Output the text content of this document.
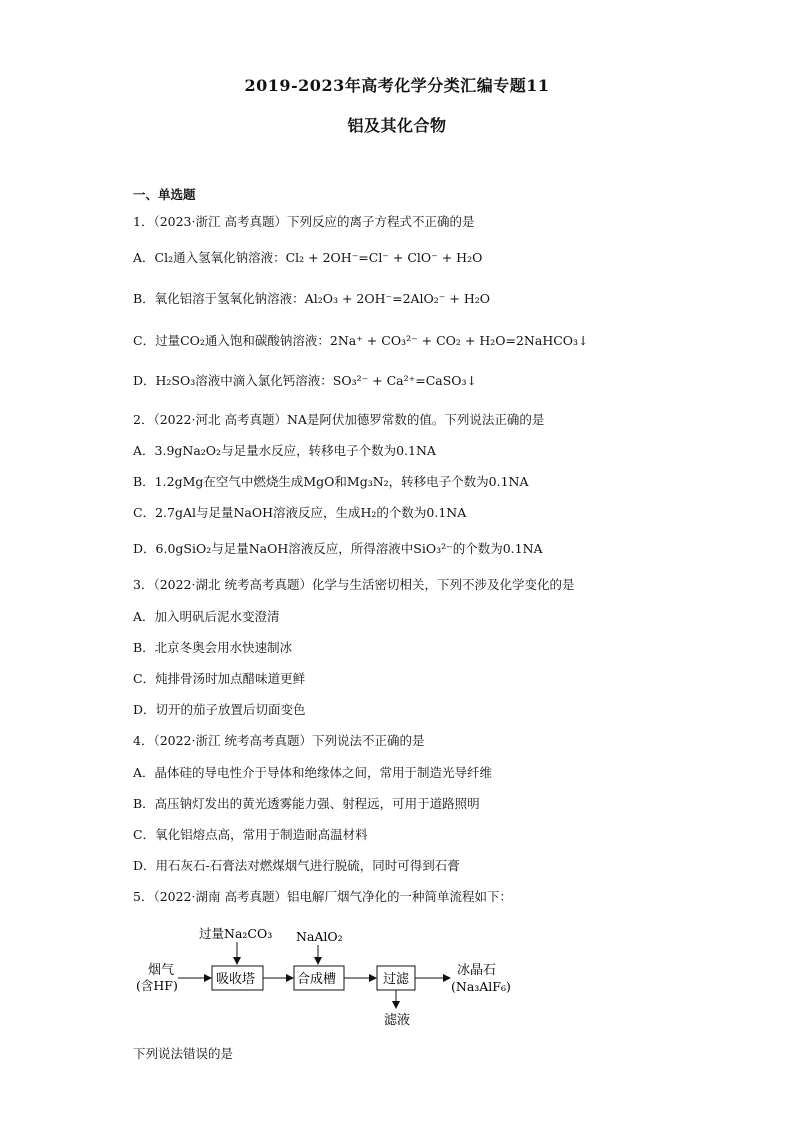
2019-2023年高考化学分类汇编专题11
铝及其化合物
一、单选题
1．（2023·浙江 高考真题）下列反应的离子方程式不正确的是
A．Cl₂通入氢氧化钠溶液：Cl₂ + 2OH⁻=Cl⁻ + ClO⁻ + H₂O
B．氧化铝溶于氢氧化钠溶液：Al₂O₃ + 2OH⁻=2AlO₂⁻ + H₂O
C．过量CO₂通入饱和碳酸钠溶液：2Na⁺ + CO₃²⁻ + CO₂ + H₂O=2NaHCO₃↓
D．H₂SO₃溶液中滴入氯化钙溶液：SO₃²⁻ + Ca²⁺=CaSO₃↓
2．（2022·河北 高考真题）NA是阿伏加德罗常数的值。下列说法正确的是
A．3.9gNa₂O₂与足量水反应，转移电子个数为0.1NA
B．1.2gMg在空气中燃烧生成MgO和Mg₃N₂，转移电子个数为0.1NA
C．2.7gAl与足量NaOH溶液反应，生成H₂的个数为0.1NA
D．6.0gSiO₂与足量NaOH溶液反应，所得溶液中SiO₃²⁻的个数为0.1NA
3．（2022·湖北 统考高考真题）化学与生活密切相关，下列不涉及化学变化的是
A．加入明矾后泥水变澄清
B．北京冬奥会用水快速制冰
C．炖排骨汤时加点醋味道更鲜
D．切开的茄子放置后切面变色
4．（2022·浙江 统考高考真题）下列说法不正确的是
A．晶体硅的导电性介于导体和绝缘体之间，常用于制造光导纤维
B．高压钠灯发出的黄光透雾能力强、射程远，可用于道路照明
C．氧化铝熔点高，常用于制造耐高温材料
D．用石灰石-石膏法对燃煤烟气进行脱硫，同时可得到石膏
5．（2022·湖南 高考真题）铝电解厂烟气净化的一种简单流程如下：
烟气
(含HF)
过量Na₂CO₃
吸收塔
NaAlO₂
合成槽	过滤
滤液
冰晶石
(Na₃AlF₆)
下列说法错误的是
